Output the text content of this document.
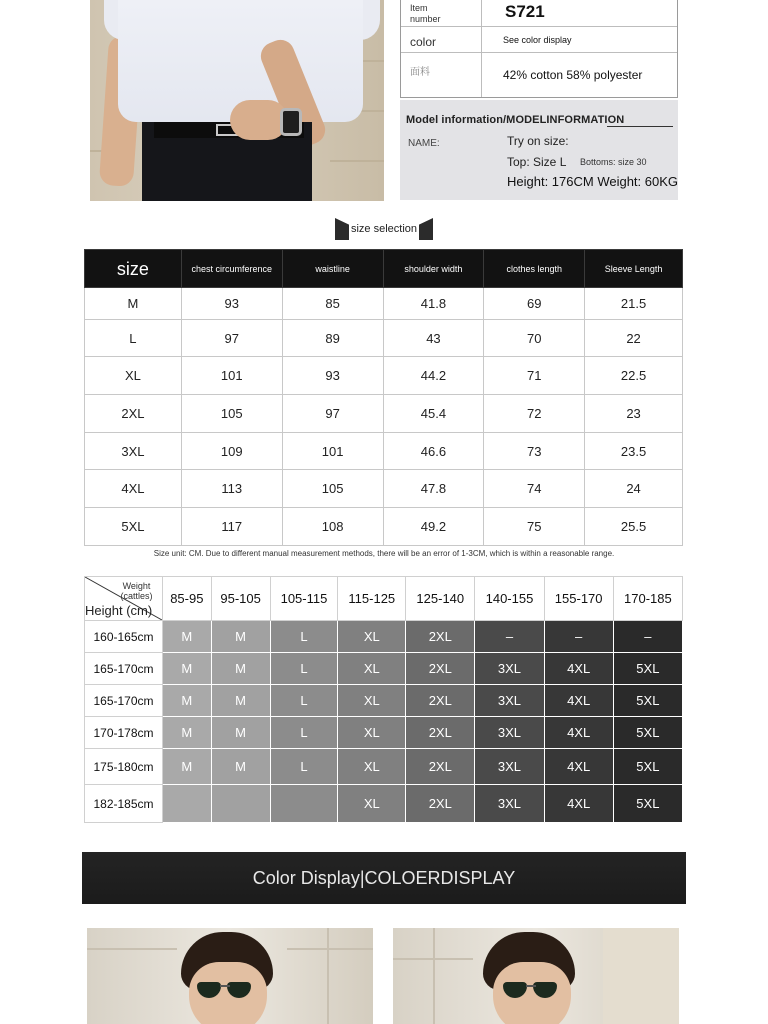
Item number	S721
color	See color display
面料	42% cotton 58% polyester
Model information/MODELINFORMATION
NAME:	Try on size:
Top: Size L Bottoms: size 30
Height: 176CM Weight: 60KG
size selection
size	chest circumference	waistline	shoulder width	clothes length	Sleeve Length
M	93	85	41.8	69	21.5
L	97	89	43	70	22
XL	101	93	44.2	71	22.5
2XL	105	97	45.4	72	23
3XL	109	101	46.6	73	23.5
4XL	113	105	47.8	74	24
5XL	117	108	49.2	75	25.5
Size unit: CM. Due to different manual measurement methods, there will be an error of 1-3CM, which is within a reasonable range.
Weight (cattles)
Height (cm)	85-95	95-105	105-115	115-125	125-140	140-155	155-170	170-185
160-165cm	M	M	L	XL	2XL	–	–	–
165-170cm	M	M	L	XL	2XL	3XL	4XL	5XL
165-170cm	M	M	L	XL	2XL	3XL	4XL	5XL
170-178cm	M	M	L	XL	2XL	3XL	4XL	5XL
175-180cm	M	M	L	XL	2XL	3XL	4XL	5XL
182-185cm				XL	2XL	3XL	4XL	5XL
Color Display|COLOERDISPLAY
